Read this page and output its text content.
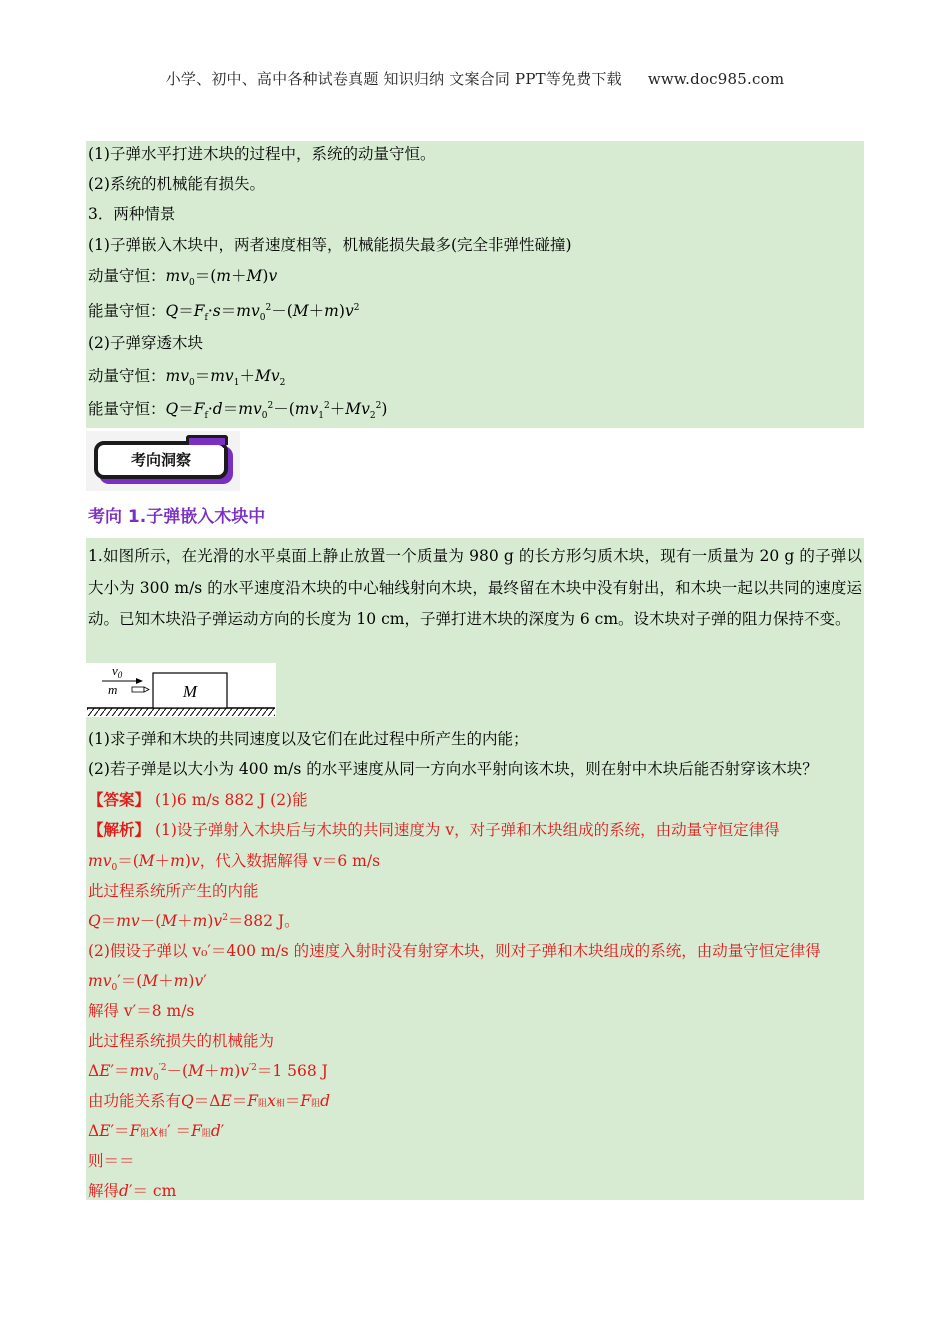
小学、初中、高中各种试卷真题 知识归纳 文案合同 PPT等免费下载 www.doc985.com
(1)子弹水平打进木块的过程中，系统的动量守恒。
(2)系统的机械能有损失。
3．两种情景
(1)子弹嵌入木块中，两者速度相等，机械能损失最多(完全非弹性碰撞)
动量守恒：$mv_0=(m+M)v$
能量守恒：$Q=F_f\cdot s=mv_0^2-(M+m)v^2$
(2)子弹穿透木块
动量守恒：$mv_0=mv_1+Mv_2$
能量守恒：$Q=F_f\cdot d=mv_0^2-(mv_1^2+Mv_2^2)$
考向洞察
考向 1.子弹嵌入木块中
1.如图所示，在光滑的水平桌面上静止放置一个质量为 980 g 的长方形匀质木块，现有一质量为 20 g 的子弹以大小为 300 m/s 的水平速度沿木块的中心轴线射向木块，最终留在木块中没有射出，和木块一起以共同的速度运动。已知木块沿子弹运动方向的长度为 10 cm，子弹打进木块的深度为 6 cm。设木块对子弹的阻力保持不变。
M
$v_0$
m
(1)求子弹和木块的共同速度以及它们在此过程中所产生的内能；
(2)若子弹是以大小为 400 m/s 的水平速度从同一方向水平射向该木块，则在射中木块后能否射穿该木块？
【答案】 (1)6 m/s 882 J (2)能
【解析】 (1)设子弹射入木块后与木块的共同速度为 v，对子弹和木块组成的系统，由动量守恒定律得
$mv_0=(M+m)v$，代入数据解得 v＝6 m/s
此过程系统所产生的内能
$Q=mv-(M+m)v^2=882$ J。
(2)假设子弹以 v₀′＝400 m/s 的速度入射时没有射穿木块，则对子弹和木块组成的系统，由动量守恒定律得
$mv_0'=(M+m)v'$
解得 v′＝8 m/s
此过程系统损失的机械能为
$\Delta E'=mv_0^{'2}-(M+m)v^{'2}=1$ 568 J
由功能关系有Q＝ΔE＝F阻x相＝F阻d
ΔE′＝F阻x相′ ＝F阻d′
则＝＝
解得d′＝ cm
